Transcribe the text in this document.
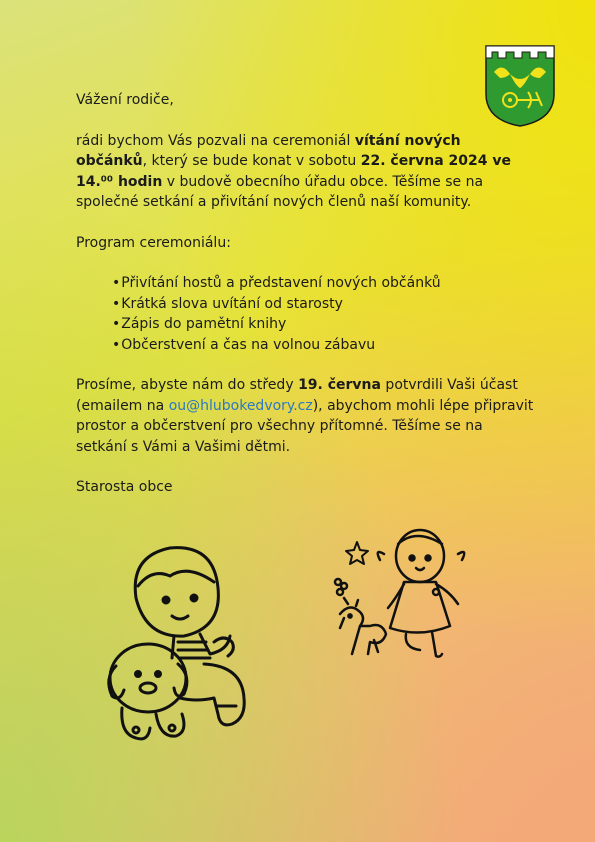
Vážení rodiče,

rádi bychom Vás pozvali na ceremoniál vítání nových občánků, který se bude konat v sobotu 22. června 2024 ve 14.⁰⁰ hodin v budově obecního úřadu obce. Těšíme se na společné setkání a přivítání nových členů naší komunity.

Program ceremoniálu:

• Přivítání hostů a představení nových občánků
• Krátká slova uvítání od starosty
• Zápis do pamětní knihy
• Občerstvení a čas na volnou zábavu

Prosíme, abyste nám do středy 19. června potvrdili Vaši účast (emailem na ou@hlubokedvory.cz), abychom mohli lépe připravit prostor a občerstvení pro všechny přítomné. Těšíme se na setkání s Vámi a Vašimi dětmi.

Starosta obce
